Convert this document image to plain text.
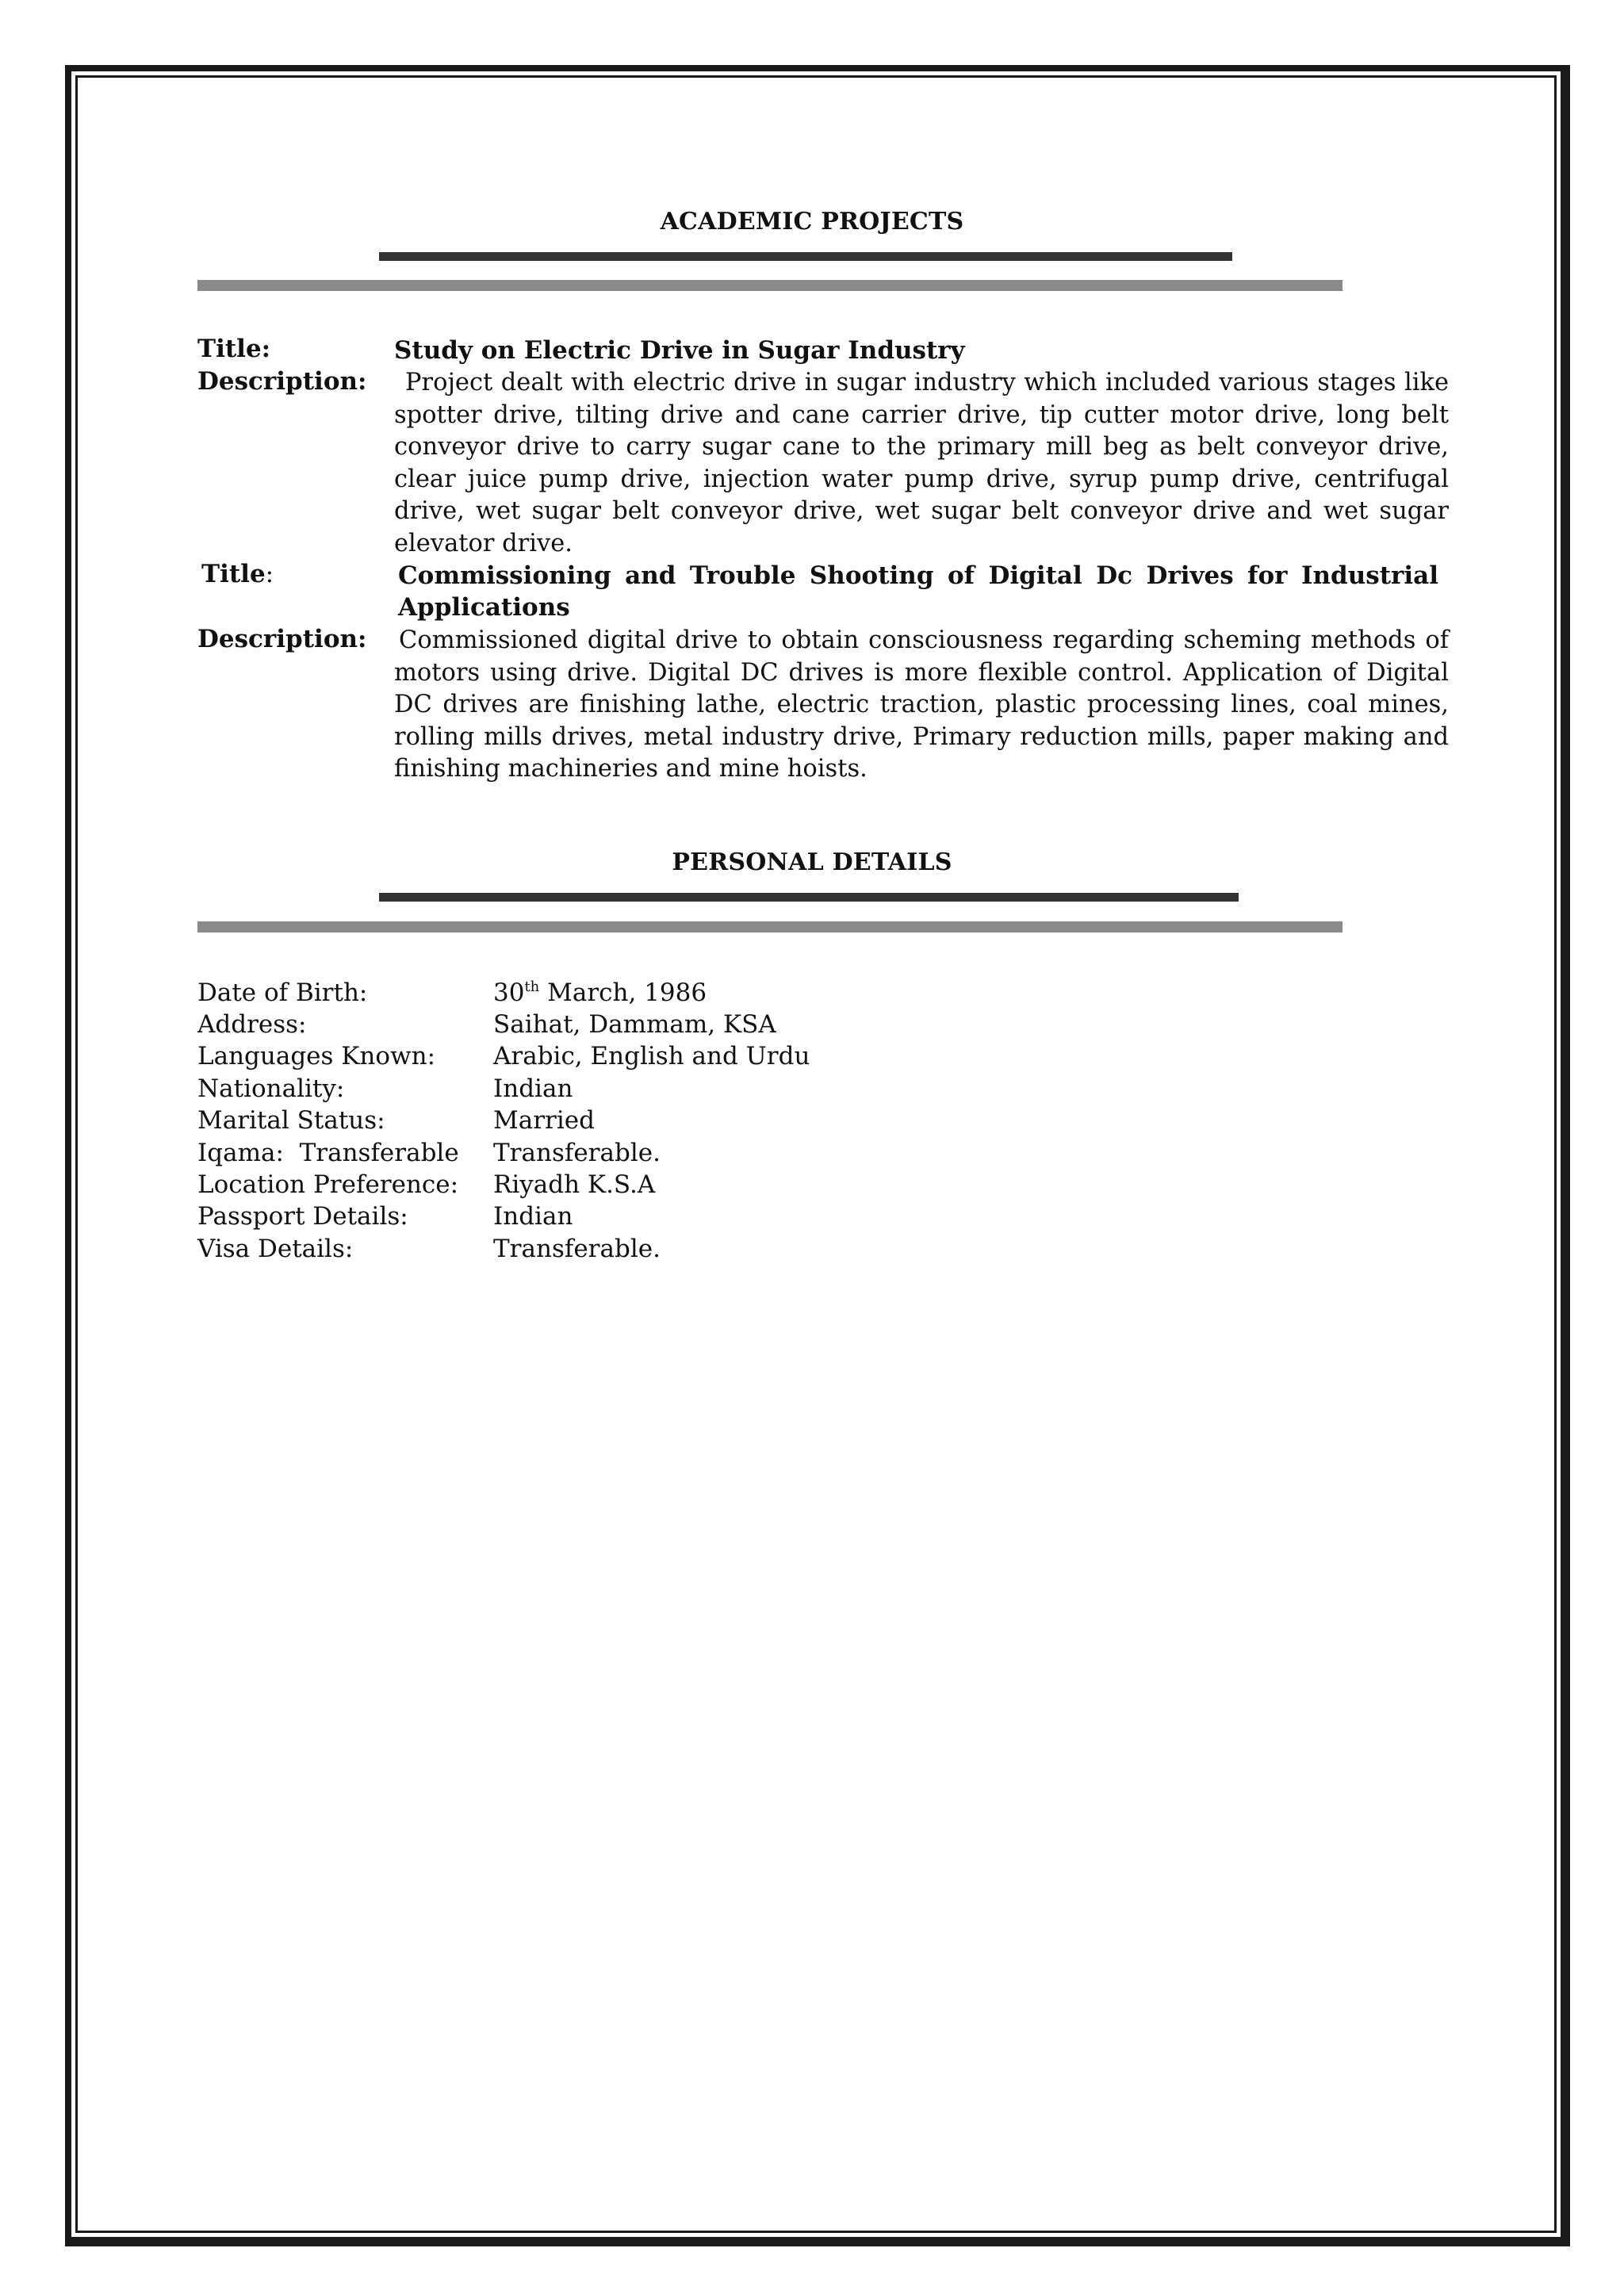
ACADEMIC PROJECTS
Title:	Study on Electric Drive in Sugar Industry
Description:	Project dealt with electric drive in sugar industry which included various stages like spotter drive, tilting drive and cane carrier drive, tip cutter motor drive, long belt conveyor drive to carry sugar cane to the primary mill beg as belt conveyor drive, clear juice pump drive, injection water pump drive, syrup pump drive, centrifugal drive, wet sugar belt conveyor drive, wet sugar belt conveyor drive and wet sugar elevator drive.
Title:	Commissioning and Trouble Shooting of Digital Dc Drives for Industrial Applications
Description: Commissioned digital drive to obtain consciousness regarding scheming methods of motors using drive. Digital DC drives is more flexible control. Application of Digital DC drives are finishing lathe, electric traction, plastic processing lines, coal mines, rolling mills drives, metal industry drive, Primary reduction mills, paper making and finishing machineries and mine hoists.
PERSONAL DETAILS
Date of Birth:	30th March, 1986
Address:	Saihat, Dammam, KSA
Languages Known: Arabic, English and Urdu
Nationality:	Indian
Marital Status:	Married
Iqama:  Transferable Transferable.
Location Preference: Riyadh K.S.A
Passport Details:	Indian
Visa Details:	Transferable.
